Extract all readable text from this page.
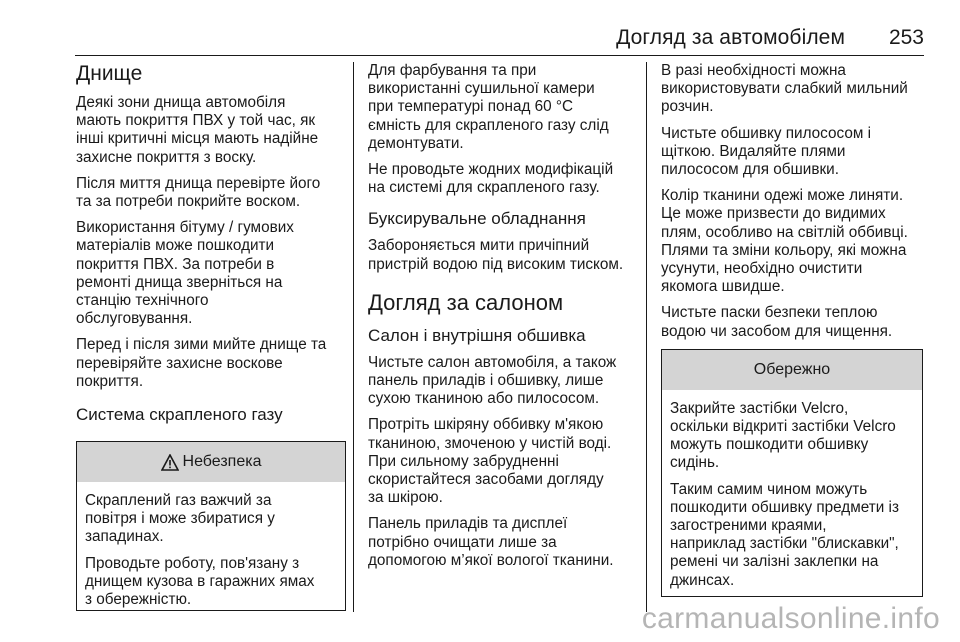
Догляд за автомобілем 253
Днище

Деякі зони днища автомобіля
мають покриття ПВХ у той час, як
інші критичні місця мають надійне
захисне покриття з воску.

Після миття днища перевірте його
та за потреби покрийте воском.

Використання бітуму / гумових
матеріалів може пошкодити
покриття ПВХ. За потреби в
ремонті днища зверніться на
станцію технічного
обслуговування.

Перед і після зими мийте днище та
перевіряйте захисне воскове
покриття.

Система скрапленого газу
Небезпека

Скраплений газ важчий за
повітря і може збиратися у
западинах.

Проводьте роботу, пов'язану з
днищем кузова в гаражних ямах
з обережністю.

Для фарбування та при
використанні сушильної камери
при температурі понад 60 °C
ємність для скрапленого газу слід
демонтувати.

Не проводьте жодних модифікацій
на системі для скрапленого газу.

Буксирувальне обладнання

Забороняється мити причіпний
пристрій водою під високим тиском.

Догляд за салоном
Салон і внутрішня обшивка

Чистьте салон автомобіля, а також
панель приладів і обшивку, лише
сухою тканиною або пилососом.

Протріть шкіряну оббивку м'якою
тканиною, змоченою у чистій воді.
При сильному забрудненні
скористайтеся засобами догляду
за шкірою.

Панель приладів та дисплеї
потрібно очищати лише за
допомогою м’якої вологої тканини.

В разі необхідності можна
використовувати слабкий мильний
розчин.

Чистьте обшивку пилососом і
щіткою. Видаляйте плями
пилососом для обшивки.

Колір тканини одежі може линяти.
Це може призвести до видимих
плям, особливо на світлій оббивці.
Плями та зміни кольору, які можна
усунути, необхідно очистити
якомога швидше.

Чистьте паски безпеки теплою
водою чи засобом для чищення.

Обережно

Закрийте застібки Velcro,
оскільки відкриті застібки Velcro
можуть пошкодити обшивку
сидінь.

Таким самим чином можуть
пошкодити обшивку предмети із
загостреними краями,
наприклад застібки "блискавки",
ремені чи залізні заклепки на
джинсах.

carmanualsonline.info
